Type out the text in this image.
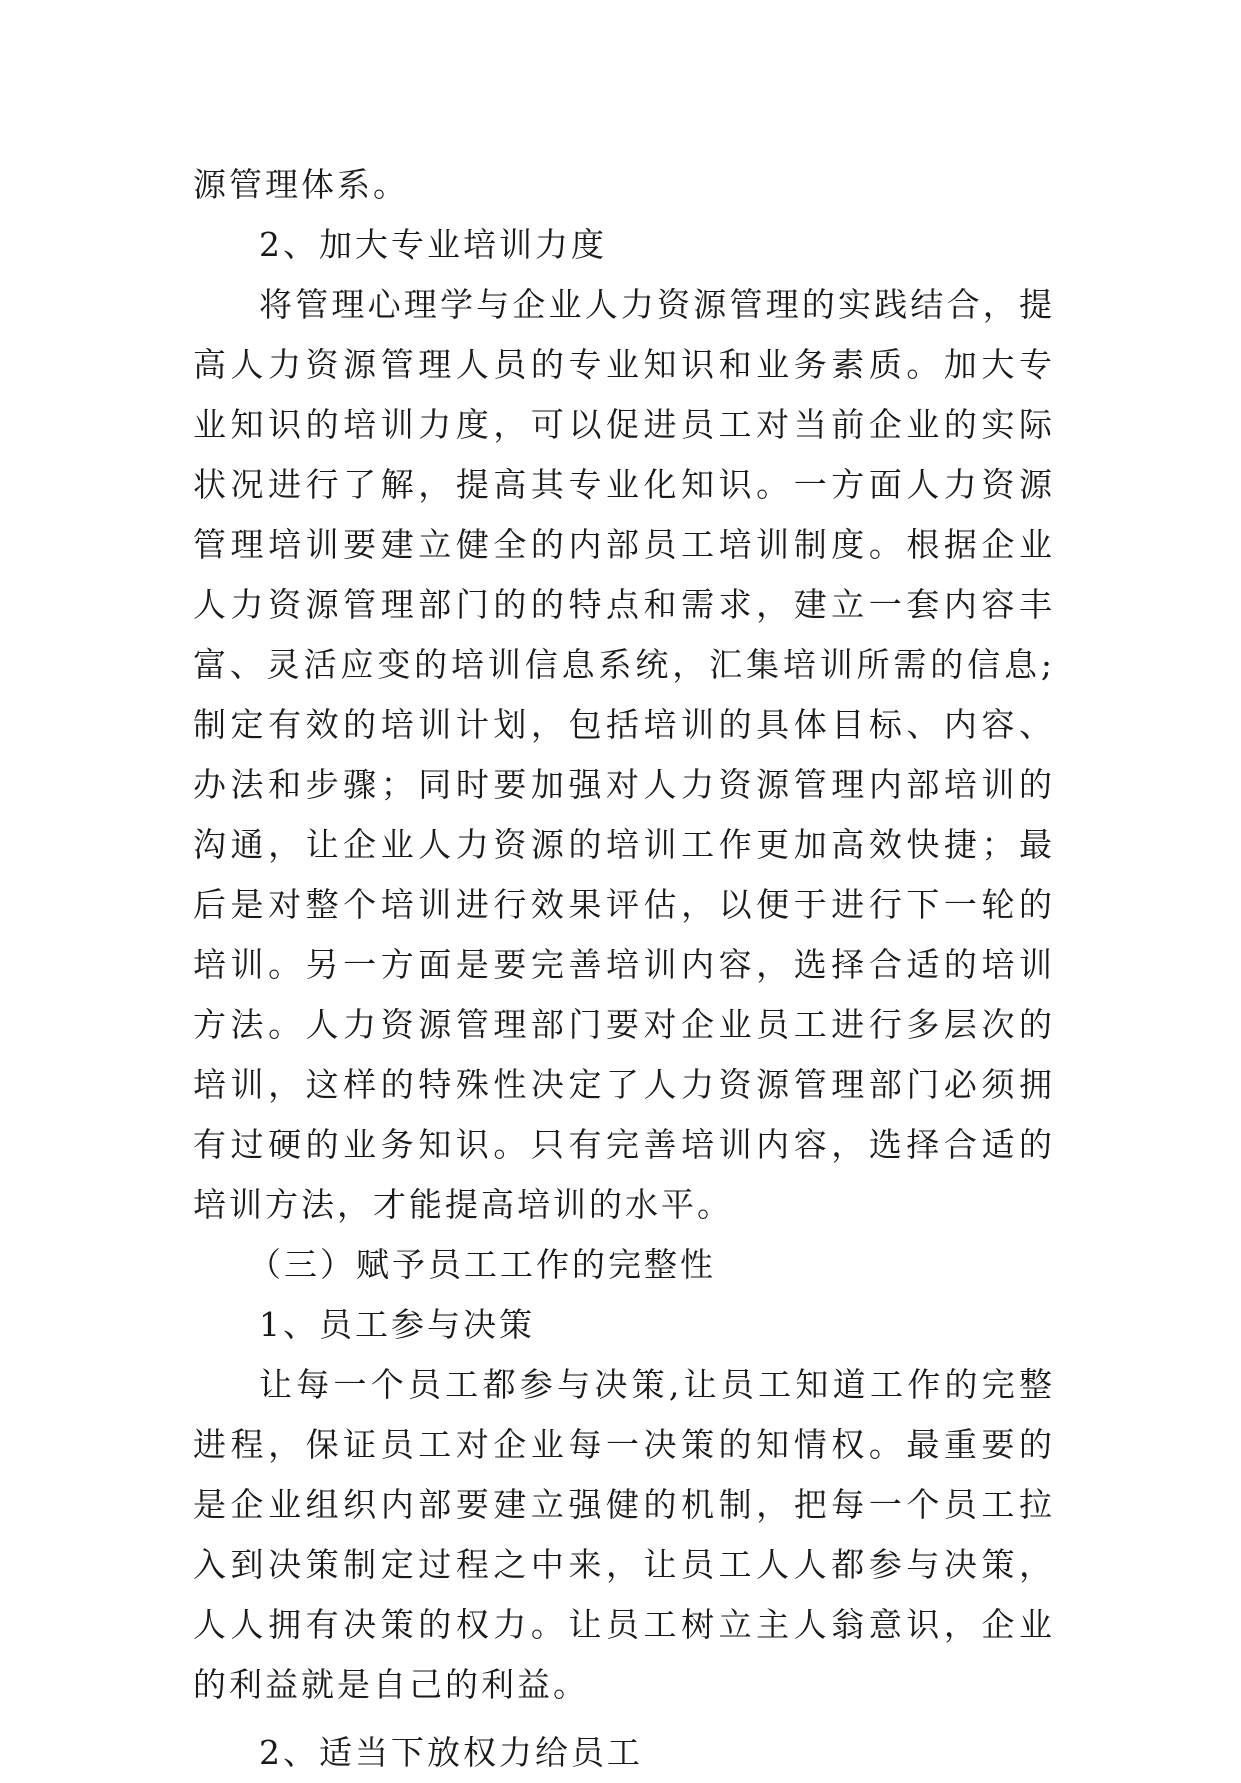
源管理体系。

2、加大专业培训力度

将管理心理学与企业人力资源管理的实践结合，提高人力资源管理人员的专业知识和业务素质。加大专业知识的培训力度，可以促进员工对当前企业的实际状况进行了解，提高其专业化知识。一方面人力资源管理培训要建立健全的内部员工培训制度。根据企业人力资源管理部门的的特点和需求，建立一套内容丰富、灵活应变的培训信息系统，汇集培训所需的信息;制定有效的培训计划，包括培训的具体目标、内容、办法和步骤；同时要加强对人力资源管理内部培训的沟通，让企业人力资源的培训工作更加高效快捷；最后是对整个培训进行效果评估，以便于进行下一轮的培训。另一方面是要完善培训内容，选择合适的培训方法。人力资源管理部门要对企业员工进行多层次的培训，这样的特殊性决定了人力资源管理部门必须拥有过硬的业务知识。只有完善培训内容，选择合适的培训方法，才能提高培训的水平。

（三）赋予员工工作的完整性

1、员工参与决策

让每一个员工都参与决策,让员工知道工作的完整进程，保证员工对企业每一决策的知情权。最重要的是企业组织内部要建立强健的机制，把每一个员工拉入到决策制定过程之中来，让员工人人都参与决策，人人拥有决策的权力。让员工树立主人翁意识，企业的利益就是自己的利益。

2、适当下放权力给员工
